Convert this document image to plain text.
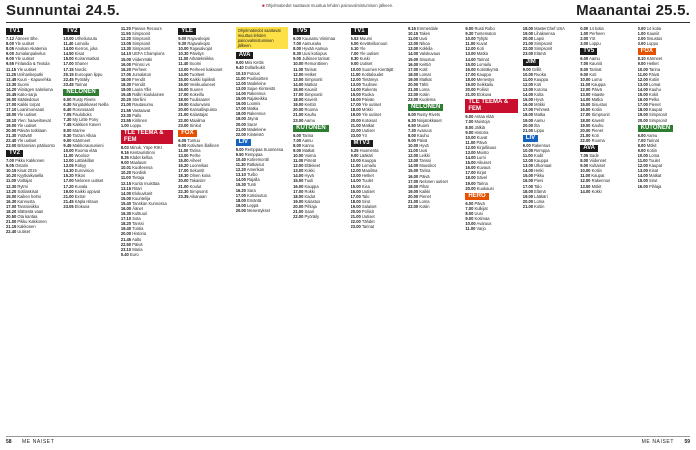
Sunnuntai 24.5.	■ Ohjelmatiedot saattavat muuttua lehden painovalmistumisen jälkeen.	Maanantai 25.5.
TV1
7.12 Ääneen Bhe.
8.00 Yle uutiset
8.05 Anokan Akatemia
9.00 Jumalanpalvelus
9.00 Yle uutiset
9.55 Finlandia & Textula
11.15 Yle uutiset
11.25 Unihankeputki
12.45 Kuuri - Kapuvehka
13.30 Suomi
14.20 Viiniägen saiteluma
15.45 Kaito-sarja
16.00 Säätiedotus
17.00 Kaikki torpat
17.10 Loanimonsaari
18.00 Yle uutiset
18.10 Ylen: haaveitsevat
19.00 Yle uutiset
20.00 Päivän tutkitaan
21.30 Ystävät!
22.40 Yle uutiset
23.00 Britannian pääluonto
TV2
7.00 Pikku Kakkonen
9.05 Ostarin
10.15 Kisat 2015
10.20 Kyytkaikvaella
11.00 Voittajat
12.30 Rytmi
13.20 Sotilaskisat
15.00 Kaiken helmi
16.30 Kannusta
17.00 Tanssiviikko
18.20 Slättestä vaan
20.50 Ota kantaa
21.00 Pikku Kakkonen
21.15 Kakkonen
22.40 Uutiset
TV2
10.00 Urheiluruutu
11.40 Lomailu
14.00 Kierros, joka
14.50 Kisat
15.00 Koiranmatkat
17.00 Shane!
17.15 Nordic
20.15 Euroopan lippu
22.45 Pyöräily
23.45 Tarinat
NELONEN
6.00 Rusty Rivets
6.30 Ninjatokkaset Neilla
6.40 Rosvosaarit
7.05 Pauloboks
7.30 My Little Pony
7.45 Kaikkien Kaveri
8.00 Marine
8.30 Tarzan Alkaa
9.00 Käärmeet
9.45 Makkorausunieni
10.00 Rooma elää
11.00 Wooloo!
12.00 Lattiakillan
13.05 Rotiyy
14.30 Eurovision
15.20 Rikos
17.00 Nelonen uutiset
17.20 Kuvala
19.00 Kaikki oppivat
21.00 Extra!
21.45 Käpla Hitaus
23.05 Elokuva
11.20 Pasvus Recours
11.55 Simpsonit
12.20 Simpsonit
13.05 Simpsonit
13.30 Simpsonit
14.10 UEFA Champions
15.00 Viidenmäki
16.00 Prinssi vs
16.20 Perheet
17.00 Jumalaton
18.00 Frendit
18.30 Frendit
19.00 Laura Yllis
19.45 Rallin koululainen
20.20 Sterliini
21.00 Rautasumu
21.55 Vastaavat
23.30 Pallo
23.55 Kiritinen
1.00 Loppu
TLE TEEMA & FEM
8.03 Minuk, Yöpe RIKI
9.16 Kentauristinni
8.35 Kädet kelloa
9.00 Maalaus!
10.01 Kuolleensa
10.20 Nordisk
11.00 Tietaja
12.15 Kunta muisttaa
13.15 Ritari
14.00 Elokuvitarit
15.00 Kuuntelija
15.40 Tanskan Kunnossa
16.00 Äänet
16.30 Kulttuuri
17.10 Sota
18.20 Tanssi
19.40 Tuntia
20.00 Historia
21.45 Aalto
22.50 Päivä
23.10 Maria
0.40 Euro
YLE
9.00 Rajavalvojat
9.30 Rajavalvojat
10.00 Rajavalvojat
10.30 Päivitys
11.00 Arkatekniikka
11.40 Suomi
13.00 Perheen kaksoset
14.00 Tuotteet
15.00 Kaikki lopiiksti
16.00 Vesikuuluneet
16.00 Suuren
17.00 Kokeillu
18.00 Tuulisaaret
19.00 Kadunvarsi
20.00 Kansallispuisto
21.00 Kalastajat
22.00 Maailma
23.00 Sinkut
FOX
6.05 Tuntuu
9.00 Kotiväen illallinen
11.00 Tarina
13.00 Perhe
15.00 Aiheet
16.20 Luonnikas
17.00 Sekuntit
18.30 Olnen koira
20.00 Takaisin!
21.00 Koulut
22.30 Simpsonit
23.35 Aikanaan
Ohjelmatiedot saattavat muuttua lehden painovalmistumisen jälkeen.
AVA
9.00 Mini Kettis
9.40 Dollarikukit
10.10 Putous
11.00 Puolisoitten
12.00 Madeleine
13.00 Sujue Kiinteistö
14.00 Rakennus
15.00 Rajakeikka
16.00 Loomis
17.00 Matka
18.00 Rakennus
19.00 Jäynä
20.00 Sara!
21.00 Madeleine
22.00 Kiinteistö
LIV
9.00 Remppaa Suomessa
9.50 Remppaa
10.40 Kotiremontti
11.30 Ratkaisut
12.20 Amerikan
13.10 Turbo
14.00 Rajalla
15.30 Tunti
16.20 Sara
17.00 Kotisisutus
18.00 Emäntä
19.00 Leppä
20.00 Menestykset
TV5
6.00 Kuusanu Viinimaa
7.00 Aamusuku
8.00 Hyvää Aamua
8.30 Uusi kotiopus
9.00 Julkisen tarinat
10.00 Remonttinen
11.00 Tarinat
12.00 Hetket
13.00 Simpsonit
14.00 Matkat
15.00 Kauniit
17.00 Simpsonit
18.00 Kaverit
19.00 Keittiö
20.00 Rooma
21.00 Kauhu
23.00 Aamu
KUTONEN
6.00 Tarina
7.00 Aamu
8.00 Kannu
9.00 Matkat
10.00 Voima
11.00 Pirteät
12.00 Eläkkeet
13.00 Kokki
14.00 Hyvä
15.00 Tuuli
16.00 Kauppa
17.00 Rokki
18.00 Kadut
19.00 Kalastus
20.00 Pihlaja
21.00 Saari
22.00 Pyöräily
TV1
5.53 Muumi
6.00 Kevätviikonuuri
6.10 Yle
7.00 Yle uutiset
8.30 Kuski
9.00 Uutiset
10.00 Suomen Kiertäjät
11.00 Kotitaloudet
12.00 Tietämys
13.00 Tuulinen
14.00 Rakentu
15.00 Ruoka
16.00 Päivän
17.00 Yle uutiset
18.00 Mökki
19.00 Yle uutiset
20.00 Kotoisat
21.00 Matkat
22.00 Uutiset
23.00 Yö
MTV3
6.25 Huomenta
9.00 Lääkäri
10.00 Kauppa
11.00 Lomailu
12.00 Maailma
13.00 Hetket
14.00 Tuulet
15.00 Kisa
16.00 Uutiset
17.00 Talo
18.00 Sirut
19.00 Salaiset
20.00 Poliisit
21.00 Uutiset
22.00 Tähdet
23.00 Tarinat
9.15 Emmerdale
10.15 Taken
11.00 Uusi
12.00 Nikoa
13.00 Kokkila
14.00 Valokuvaus
15.00 Sisustus
16.00 Keittiö
17.00 Kotit
18.00 Lomat
19.00 Matkat
20.00 Tähti
21.00 Loma
22.00 Kotiin
23.00 Kuolema
NELONEN
6.00 Rusty Rivets
6.30 Ninjatokkaset
6.50 Muumi
7.30 Avaruus
8.00 Kauhu
9.00 Päivä
10.00 Hyvä
11.00 Uusi
12.00 Leikki
13.00 Tanssi
14.00 Muusikot
15.00 Tarina
16.00 Päivä
17.00 Nelonen uutiset
18.00 Pihat
19.00 Kaikki
20.00 Pienet
21.00 Loma
22.00 Kotiin
9.00 Rusti Robo
9.30 Tuntematon
10.00 Tyhjät
11.00 Kuvat
12.00 Koti
13.00 Matka
14.00 Tarinat
15.00 Lomailu
16.00 Kotinäkymä
17.00 Kauppa
18.00 Menestys
19.00 Seikkailu
20.00 Poliisit
21.00 Elokuva
TLE TEEMA & FEM
6.00 Antaa elää
7.00 Muistoja
8.00 Jälkiä
9.00 Historia
10.00 Kuvat
11.00 Päivä
12.00 Kirjallisuus
13.00 Muisto
14.00 Lumi
15.00 Aikuiset
16.00 Kuvaus
17.00 Kirjat
18.00 Sävel
19.00 Tarina
20.00 Kuukausi
HERO
6.00 Päivä
7.00 Kulkijat
8.00 Uusi
9.00 Kotimaa
10.00 Avaruus
11.00 Varjo
18.00 MasterChef USA
19.00 Lihaksensa
20.00 Lapsi
21.00 Simpsonit
22.00 Simpsonit
23.00 Elämä
JIM
9.00 Grillit
10.00 Ruoka
11.00 Kauppa
12.00 Koti
13.00 Kotona
14.00 Kulta
15.00 Hyvä
16.00 Mökki
17.00 Pehmeä
18.00 Matka
19.00 Aamu
20.00 Ilta
21.00 Lippu
LIV
9.00 Rakennus
10.00 Remppa
11.00 Kodit
12.00 Kauppa
13.00 Ulkomaat
14.00 Hetki
15.00 Pikku
16.00 Pieni
17.00 Talo
18.00 Elämä
19.00 Lääkäri
20.00 Loma
21.00 Kotiin
0.00 14 kotia
1.00 Perheen
2.00 Yöt
3.00 Loppu
TV5
6.00 Aamu
7.00 Kauniit
8.00 Tarinat
9.00 Koti
10.00 Loma
11.00 Kauppa
12.00 Päivä
13.00 Haaste
14.00 Matka
15.00 Sisustus
16.00 Kotiin
17.00 Simpsonit
18.00 Kaverit
19.00 Kauhu
20.00 Pienet
21.00 Koti
22.00 Rooma
AVA
7.05 Sade
8.00 Viidennet
9.00 Kultaiset
10.00 Kotiin
11.00 Kaupat
12.00 Rakennus
13.00 Mökit
14.00 Kokki
0.00 14 kotia
1.00 Kauniit
2.00 Sisustus
3.00 Loppu
FOX
8.10 Kärmeet
9.00 Hetket
10.00 Tarina
11.00 Päivä
12.00 Kotiin
13.00 Lomat
14.00 Kauhu
15.00 Kokit
16.00 Pelko
17.00 Pienet
18.00 Kaupat
19.00 Simpsonit
20.00 Simpsonit
KUTONEN
6.00 Aamu
7.00 Tarinat
8.00 Mökit
9.00 Kotiin
10.00 Loma
11.00 Tuulet
12.00 Kaupat
13.00 Kisat
14.00 Matkat
15.00 Sirut
16.00 Pihlaja
58 ME NAISET	ME NAISET 59
